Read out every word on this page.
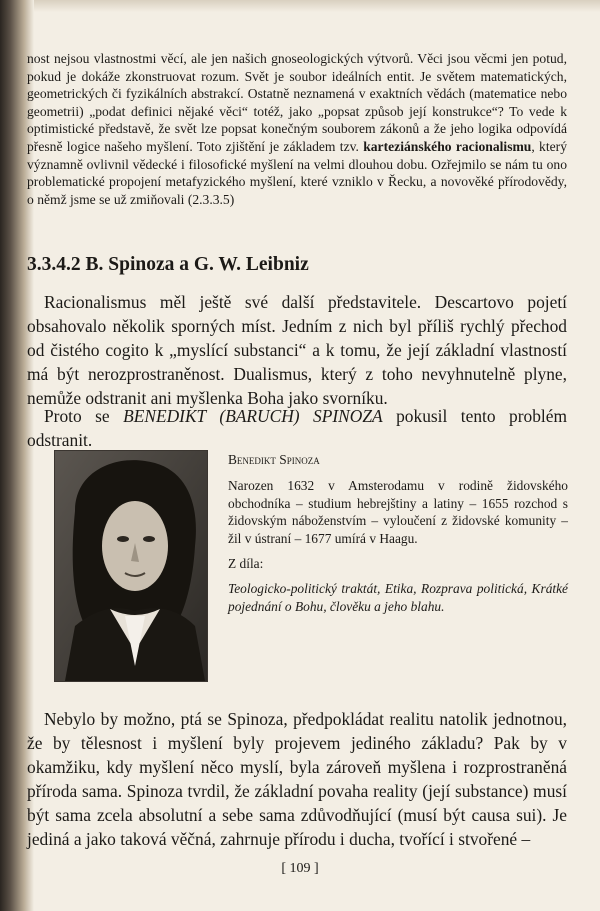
nost nejsou vlastnostmi věcí, ale jen našich gnoseologických výtvorů. Věci jsou věcmi jen potud, pokud je dokáže zkonstruovat rozum. Svět je soubor ideálních entit. Je světem matematických, geometrických či fyzikálních abstrakcí. Ostatně neznamená v exaktních vědách (matematice nebo geometrii) „podat definici nějaké věci“ totéž, jako „popsat způsob její konstrukce“? To vede k optimistické představě, že svět lze popsat konečným souborem zákonů a že jeho logika odpovídá přesně logice našeho myšlení. Toto zjištění je základem tzv. karteziánského racionalismu, který významně ovlivnil vědecké i filosofické myšlení na velmi dlouhou dobu. Ozřejmilo se nám tu ono problematické propojení metafyzického myšlení, které vzniklo v Řecku, a novověké přírodovědy, o němž jsme se už zmiňovali (2.3.3.5)

3.3.4.2 B. Spinoza a G. W. Leibniz

Racionalismus měl ještě své další představitele. Descartovo pojetí obsahovalo několik sporných míst. Jedním z nich byl příliš rychlý přechod od čistého cogito k „myslící substanci“ a k tomu, že její základní vlastností má být nerozprostraněnost. Dualismus, který z toho nevyhnutelně plyne, nemůže odstranit ani myšlenka Boha jako svorníku.

Proto se BENEDIKT (BARUCH) SPINOZA pokusil tento problém odstranit.

Benedikt Spinoza

Narozen 1632 v Amsterodamu v rodině židovského obchodníka – studium hebrejštiny a latiny – 1655 rozchod s židovským náboženstvím – vyloučení z židovské komunity – žil v ústraní – 1677 umírá v Haagu.

Z díla:

Teologicko-politický traktát, Etika, Rozprava politická, Krátké pojednání o Bohu, člověku a jeho blahu.

Nebylo by možno, ptá se Spinoza, předpokládat realitu natolik jednotnou, že by tělesnost i myšlení byly projevem jediného základu? Pak by v okamžiku, kdy myšlení něco myslí, byla zároveň myšlena i rozprostraněná příroda sama. Spinoza tvrdil, že základní povaha reality (její substance) musí být sama zcela absolutní a sebe sama zdůvodňující (musí být causa sui). Je jediná a jako taková věčná, zahrnuje přírodu i ducha, tvořící i stvořené –

[ 109 ]
